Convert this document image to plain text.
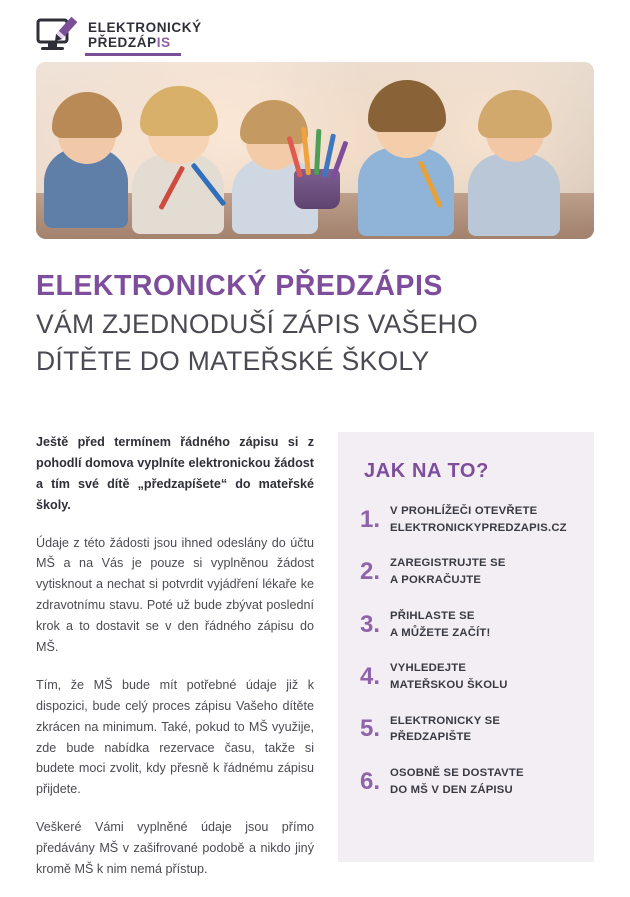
ELEKTRONICKÝ
PŘEDZÁPIS
ELEKTRONICKÝ PŘEDZÁPIS

VÁM ZJEDNODUŠÍ ZÁPIS VAŠEHO

DÍTĚTE DO MATEŘSKÉ ŠKOLY

Ještě před termínem řádného zápisu si z pohodlí domova vyplníte elektronickou žádost a tím své dítě „předzapíšete“ do mateřské školy.

Údaje z této žádosti jsou ihned odeslány do účtu MŠ a na Vás je pouze si vyplněnou žádost vytisknout a nechat si potvrdit vyjádření lékaře ke zdravotnímu stavu. Poté už bude zbývat poslední krok a to dostavit se v den řádného zápisu do MŠ.

Tím, že MŠ bude mít potřebné údaje již k dispozici, bude celý proces zápisu Vašeho dítěte zkrácen na minimum. Také, pokud to MŠ využije, zde bude nabídka rezervace času, takže si budete moci zvolit, kdy přesně k řádnému zápisu přijdete.

Veškeré Vámi vyplněné údaje jsou přímo předávány MŠ v zašifrované podobě a nikdo jiný kromě MŠ k nim nemá přístup.

JAK NA TO?
1. V PROHLÍŽEČI OTEVŘETE
ELEKTRONICKYPREDZAPIS.CZ
2. ZAREGISTRUJTE SE
A POKRAČUJTE
3. PŘIHLASTE SE
A MŮŽETE ZAČÍT!
4. VYHLEDEJTE
MATEŘSKOU ŠKOLU
5. ELEKTRONICKY SE
PŘEDZAPIŠTE
6. OSOBNĚ SE DOSTAVTE
DO MŠ V DEN ZÁPISU
